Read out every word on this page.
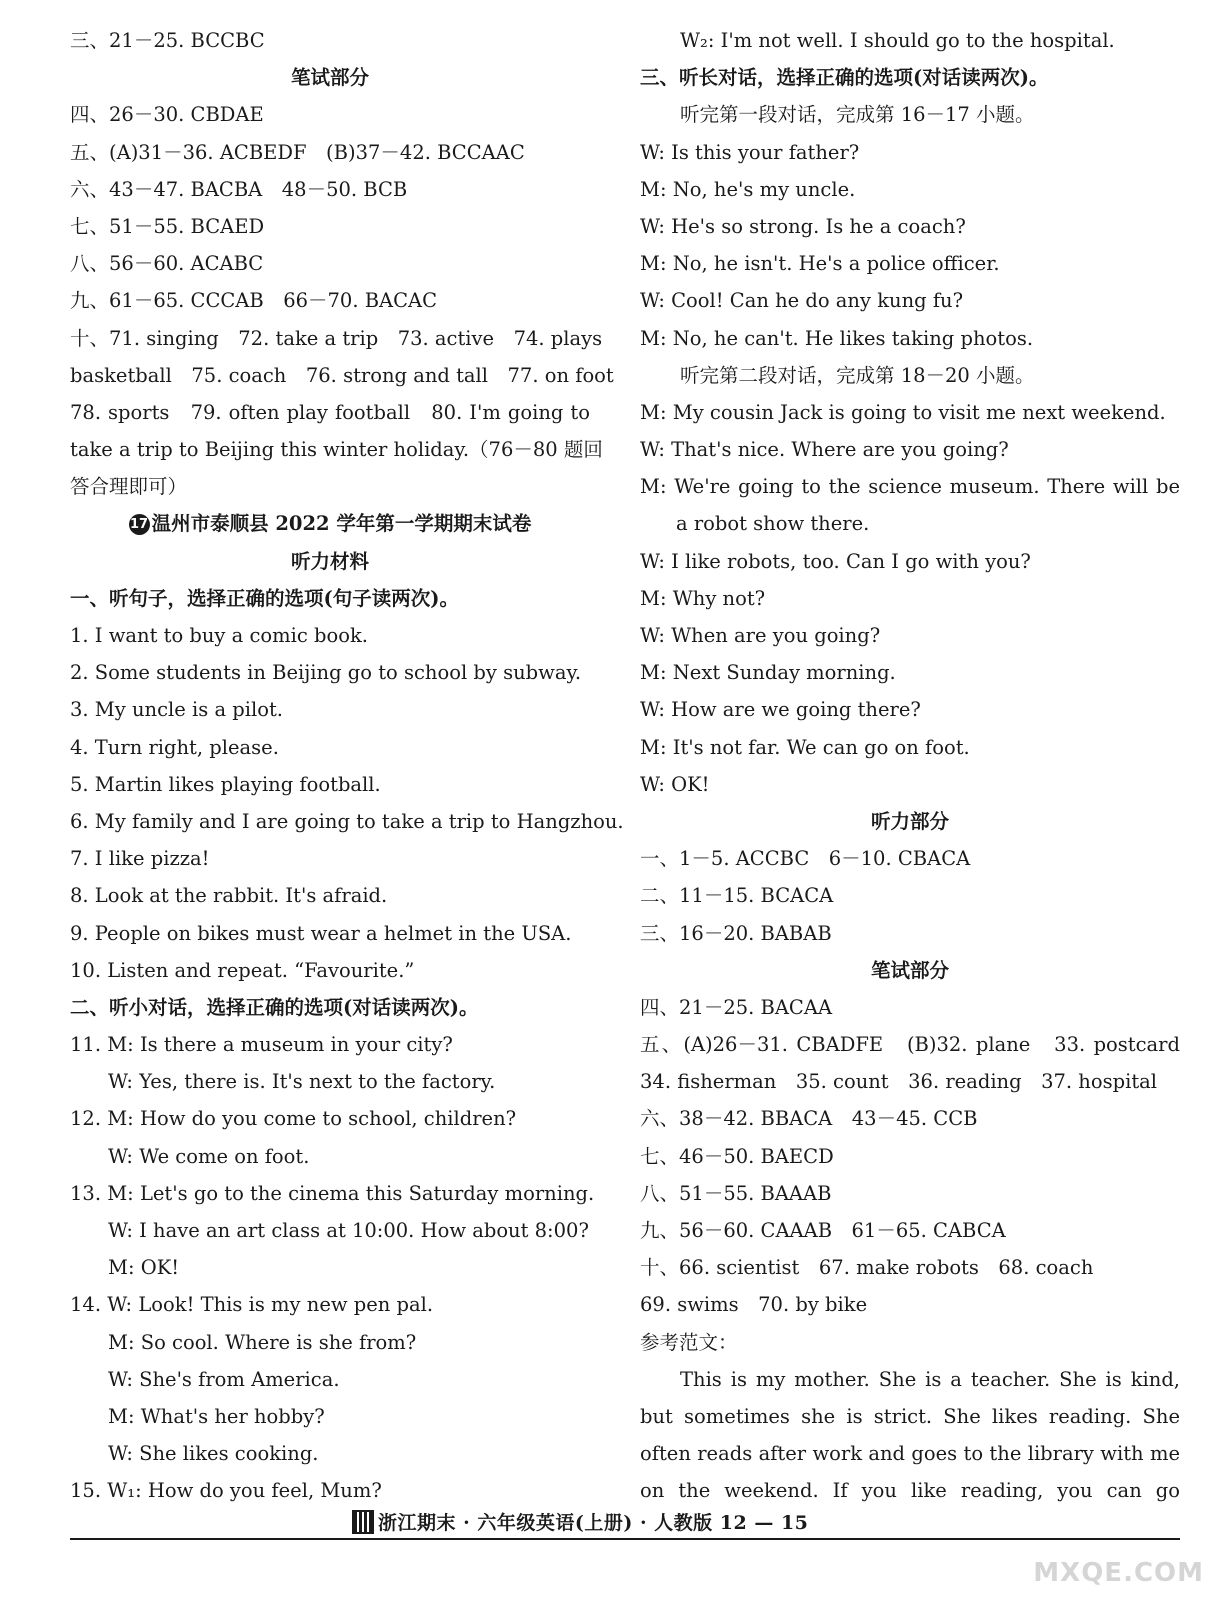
三、21－25. BCCBC
笔试部分
四、26－30. CBDAE
五、(A)31－36. ACBEDF　(B)37－42. BCCAAC
六、43－47. BACBA　48－50. BCB
七、51－55. BCAED
八、56－60. ACABC
九、61－65. CCCAB　66－70. BACAC
十、71. singing　72. take a trip　73. active　74. plays
basketball　75. coach　76. strong and tall　77. on foot
78. sports　79. often play football　80. I'm going to
take a trip to Beijing this winter holiday.（76－80 题回
答合理即可）
17 温州市泰顺县 2022 学年第一学期期末试卷
听力材料
一、听句子，选择正确的选项(句子读两次)。
1. I want to buy a comic book.
2. Some students in Beijing go to school by subway.
3. My uncle is a pilot.
4. Turn right, please.
5. Martin likes playing football.
6. My family and I are going to take a trip to Hangzhou.
7. I like pizza!
8. Look at the rabbit. It's afraid.
9. People on bikes must wear a helmet in the USA.
10. Listen and repeat. “Favourite.”
二、听小对话，选择正确的选项(对话读两次)。
11. M: Is there a museum in your city?
W: Yes, there is. It's next to the factory.
12. M: How do you come to school, children?
W: We come on foot.
13. M: Let's go to the cinema this Saturday morning.
W: I have an art class at 10:00. How about 8:00?
M: OK!
14. W: Look! This is my new pen pal.
M: So cool. Where is she from?
W: She's from America.
M: What's her hobby?
W: She likes cooking.
15. W₁: How do you feel, Mum?
W₂: I'm not well. I should go to the hospital.
三、听长对话，选择正确的选项(对话读两次)。
听完第一段对话，完成第 16－17 小题。
W: Is this your father?
M: No, he's my uncle.
W: He's so strong. Is he a coach?
M: No, he isn't. He's a police officer.
W: Cool! Can he do any kung fu?
M: No, he can't. He likes taking photos.
听完第二段对话，完成第 18－20 小题。
M: My cousin Jack is going to visit me next weekend.
W: That's nice. Where are you going?
M: We're going to the science museum. There will be
a robot show there.
W: I like robots, too. Can I go with you?
M: Why not?
W: When are you going?
M: Next Sunday morning.
W: How are we going there?
M: It's not far. We can go on foot.
W: OK!
听力部分
一、1－5. ACCBC　6－10. CBACA
二、11－15. BCACA
三、16－20. BABAB
笔试部分
四、21－25. BACAA
五、(A)26－31. CBADFE　(B)32. plane　33. postcard
34. fisherman　35. count　36. reading　37. hospital
六、38－42. BBACA　43－45. CCB
七、46－50. BAECD
八、51－55. BAAAB
九、56－60. CAAAB　61－65. CABCA
十、66. scientist　67. make robots　68. coach
69. swims　70. by bike
参考范文：
This is my mother. She is a teacher. She is kind,
but sometimes she is strict. She likes reading. She
often reads after work and goes to the library with me
on the weekend. If you like reading, you can go
浙江期末 · 六年级英语(上册) · 人教版 12 — 15
MXQE.COM
